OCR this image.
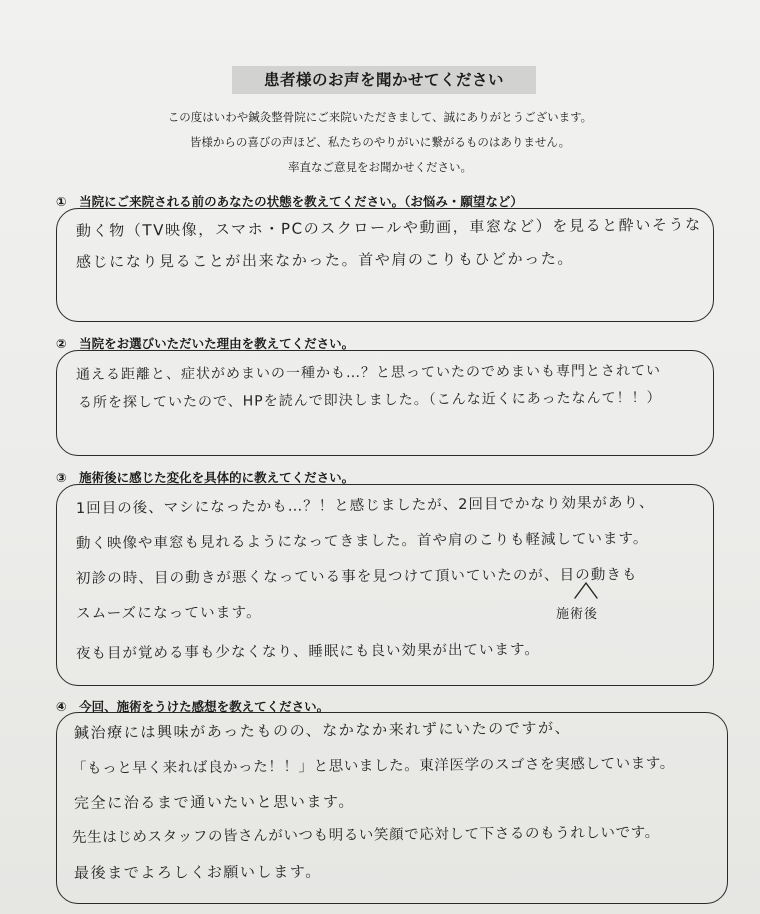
患者様のお声を聞かせてください
この度はいわや鍼灸整骨院にご来院いただきまして、誠にありがとうございます。
皆様からの喜びの声ほど、私たちのやりがいに繋がるものはありません。
率直なご意見をお聞かせください。
①　当院にご来院される前のあなたの状態を教えてください。（お悩み・願望など）
動く物（TV映像，スマホ・PCのスクロールや動画，車窓など）を見ると酔いそうな
感じになり見ることが出来なかった。首や肩のこりもひどかった。
②　当院をお選びいただいた理由を教えてください。
通える距離と、症状がめまいの一種かも…？と思っていたのでめまいも専門とされてい
る所を探していたので、HPを読んで即決しました。（こんな近くにあったなんて！！）
③　施術後に感じた変化を具体的に教えてください。
1回目の後、マシになったかも…？！と感じましたが、2回目でかなり効果があり、
動く映像や車窓も見れるようになってきました。首や肩のこりも軽減しています。
初診の時、目の動きが悪くなっている事を見つけて頂いていたのが、目の動きも
スムーズになっています。	施術後
夜も目が覚める事も少なくなり、睡眠にも良い効果が出ています。
④　今回、施術をうけた感想を教えてください。
鍼治療には興味があったものの、なかなか来れずにいたのですが、
「もっと早く来れば良かった！！」と思いました。東洋医学のスゴさを実感しています。
完全に治るまで通いたいと思います。
先生はじめスタッフの皆さんがいつも明るい笑顔で応対して下さるのもうれしいです。
最後までよろしくお願いします。
